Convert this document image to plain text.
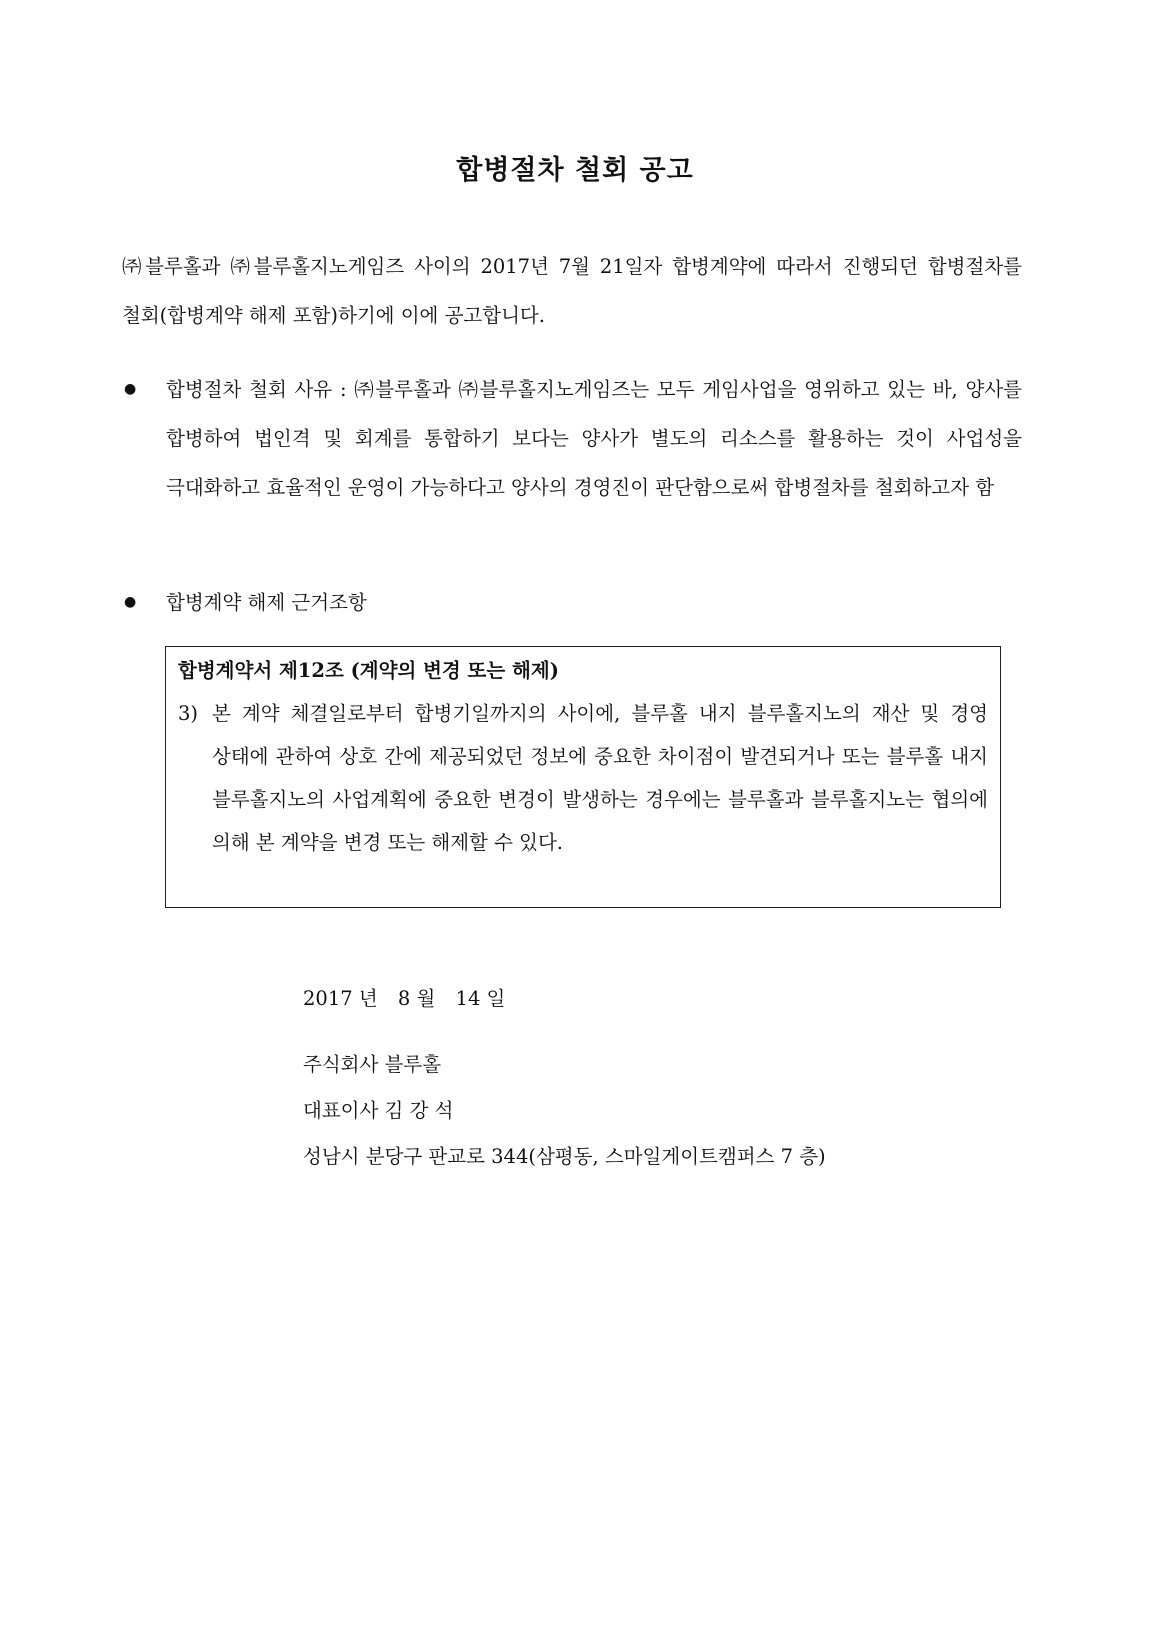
합병절차 철회 공고
㈜블루홀과 ㈜블루홀지노게임즈 사이의 2017년 7월 21일자 합병계약에 따라서 진행되던 합병절차를 철회(합병계약 해제 포함)하기에 이에 공고합니다.
● 합병절차 철회 사유 : ㈜블루홀과 ㈜블루홀지노게임즈는 모두 게임사업을 영위하고 있는 바, 양사를 합병하여 법인격 및 회계를 통합하기 보다는 양사가 별도의 리소스를 활용하는 것이 사업성을 극대화하고 효율적인 운영이 가능하다고 양사의 경영진이 판단함으로써 합병절차를 철회하고자 함
● 합병계약 해제 근거조항
합병계약서 제12조 (계약의 변경 또는 해제)
3) 본 계약 체결일로부터 합병기일까지의 사이에, 블루홀 내지 블루홀지노의 재산 및 경영 상태에 관하여 상호 간에 제공되었던 정보에 중요한 차이점이 발견되거나 또는 블루홀 내지 블루홀지노의 사업계획에 중요한 변경이 발생하는 경우에는 블루홀과 블루홀지노는 협의에 의해 본 계약을 변경 또는 해제할 수 있다.
2017 년 8 월 14 일
주식회사 블루홀
대표이사 김 강 석
성남시 분당구 판교로 344(삼평동, 스마일게이트캠퍼스 7 층)
